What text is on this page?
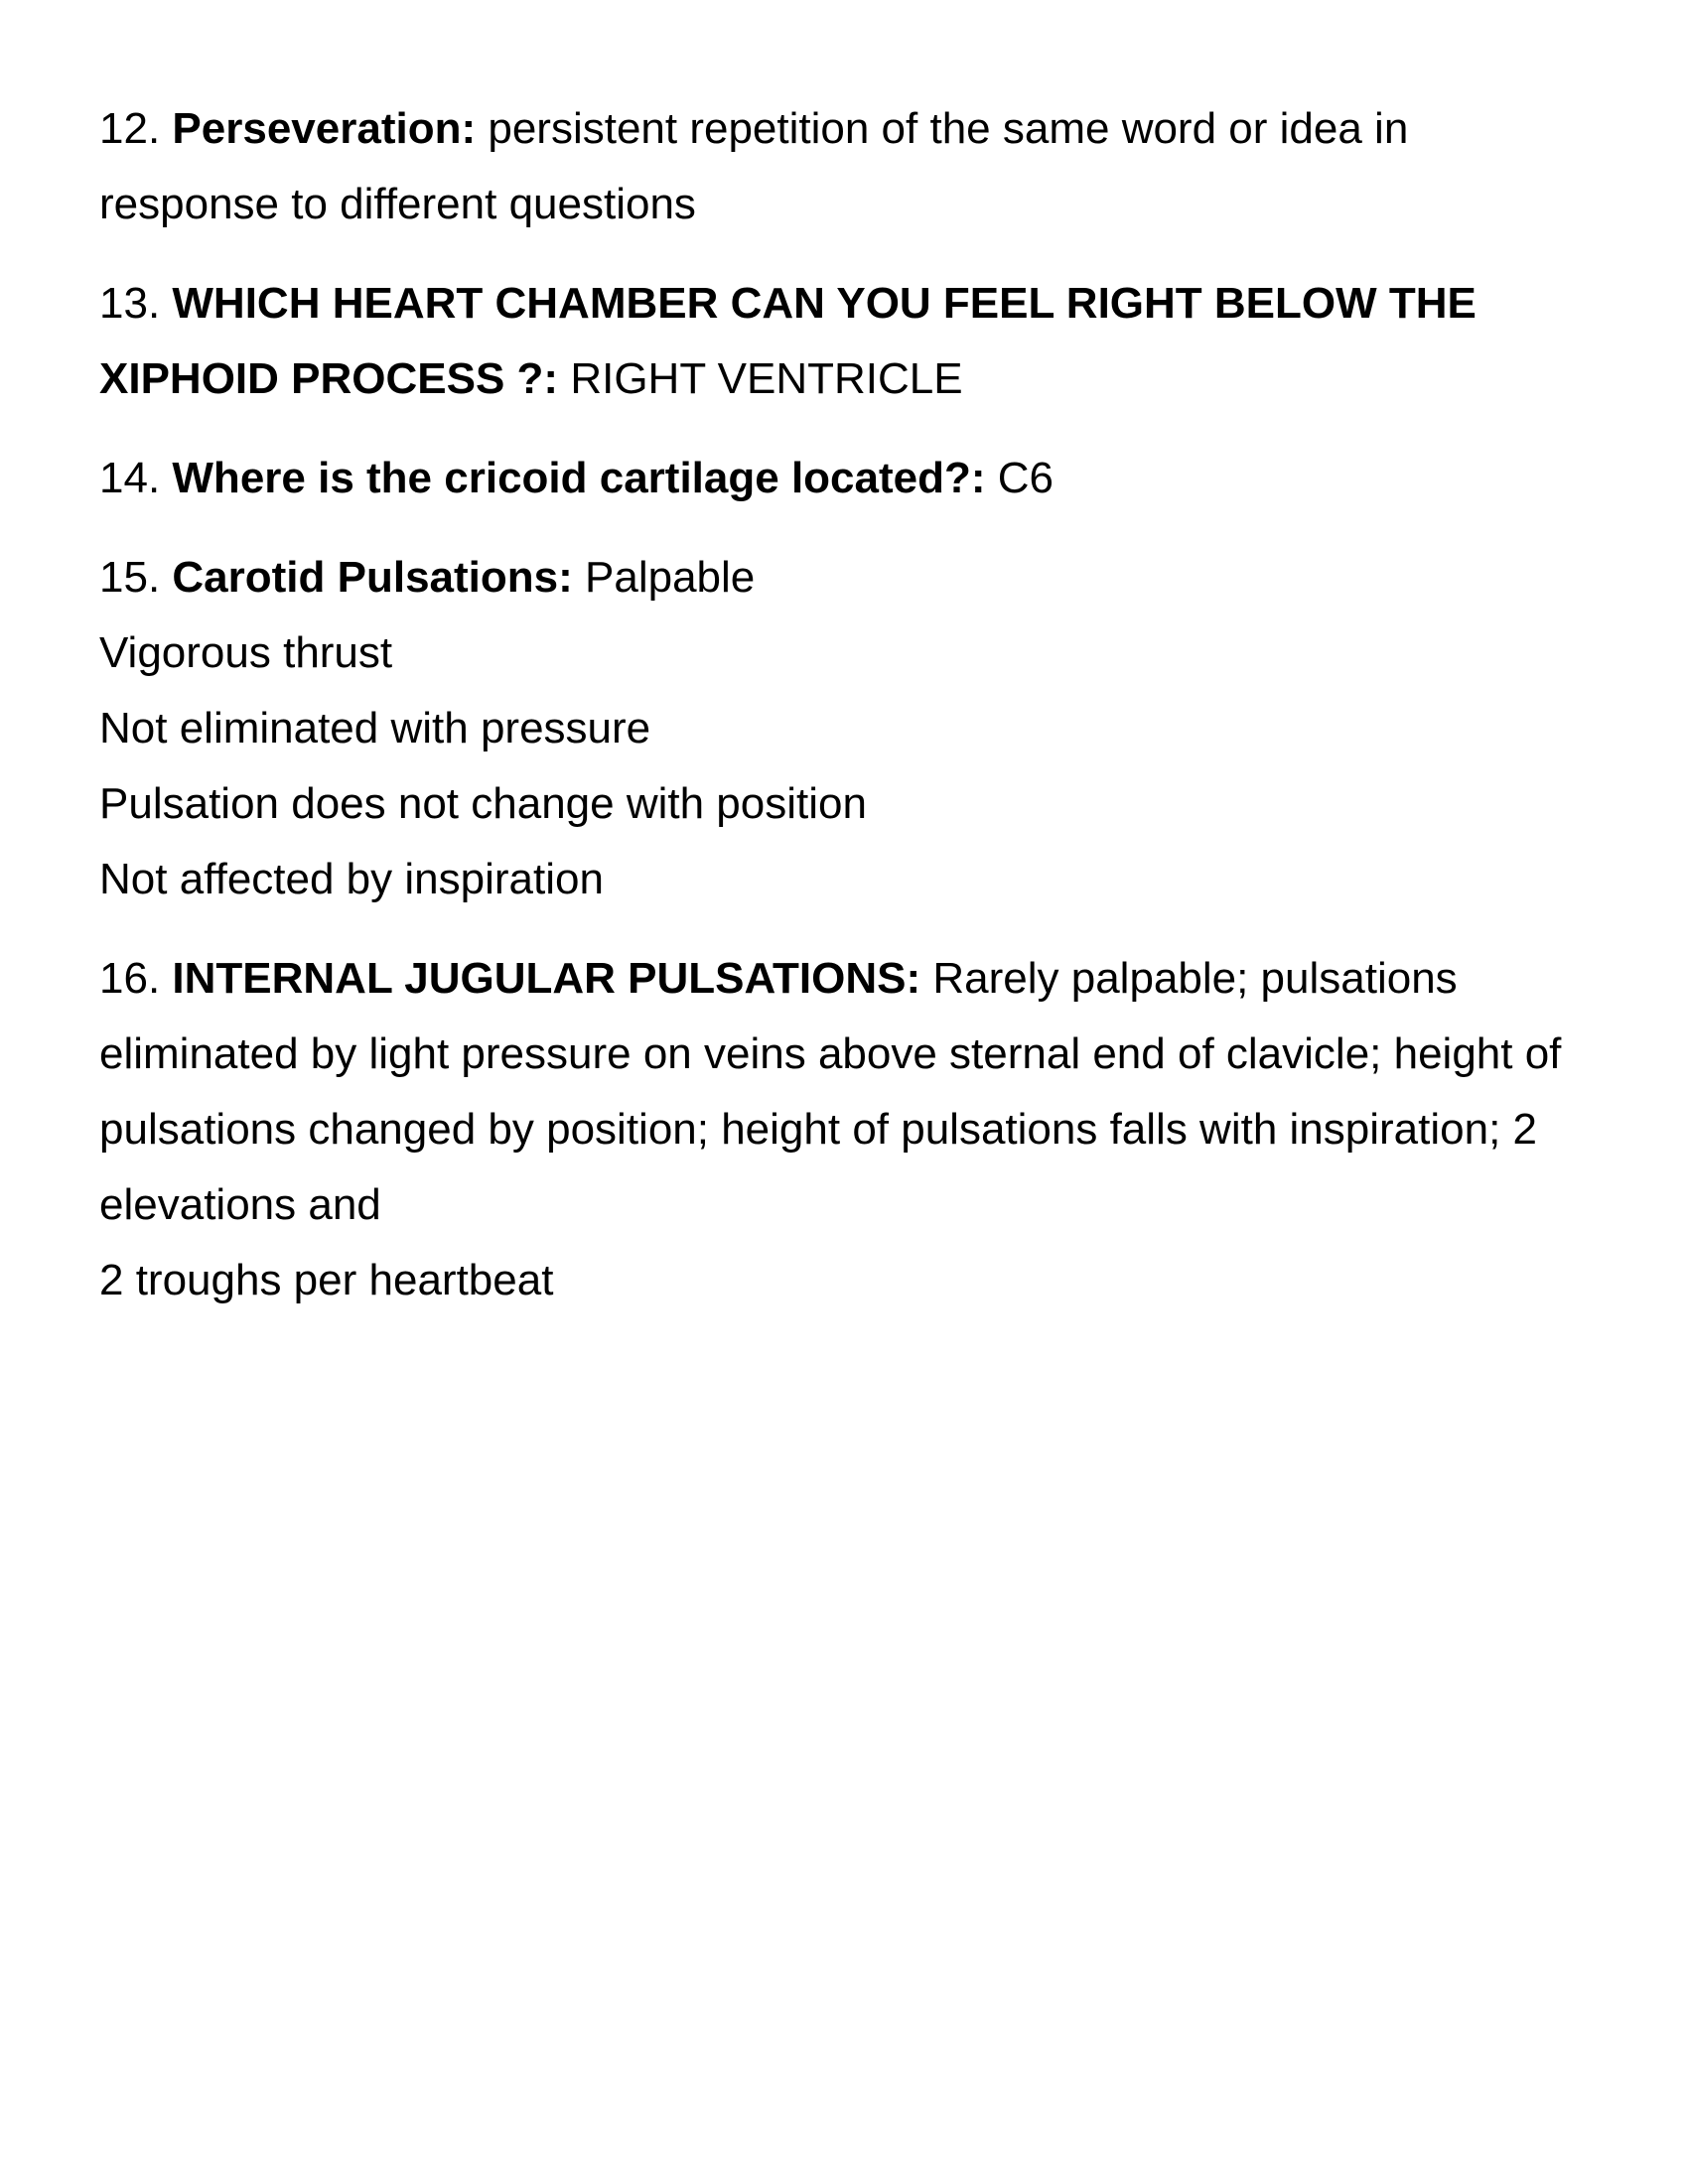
12. Perseveration: persistent repetition of the same word or idea in
response to different questions
13. WHICH HEART CHAMBER CAN YOU FEEL RIGHT BELOW THE
XIPHOID PROCESS ?: RIGHT VENTRICLE
14. Where is the cricoid cartilage located?: C6
15. Carotid Pulsations: Palpable
Vigorous thrust
Not eliminated with pressure
Pulsation does not change with position
Not affected by inspiration
16. INTERNAL JUGULAR PULSATIONS: Rarely palpable; pulsations
eliminated by light pressure on veins above sternal end of clavicle; height of
pulsations changed by position; height of pulsations falls with inspiration; 2
elevations and
2 troughs per heartbeat
